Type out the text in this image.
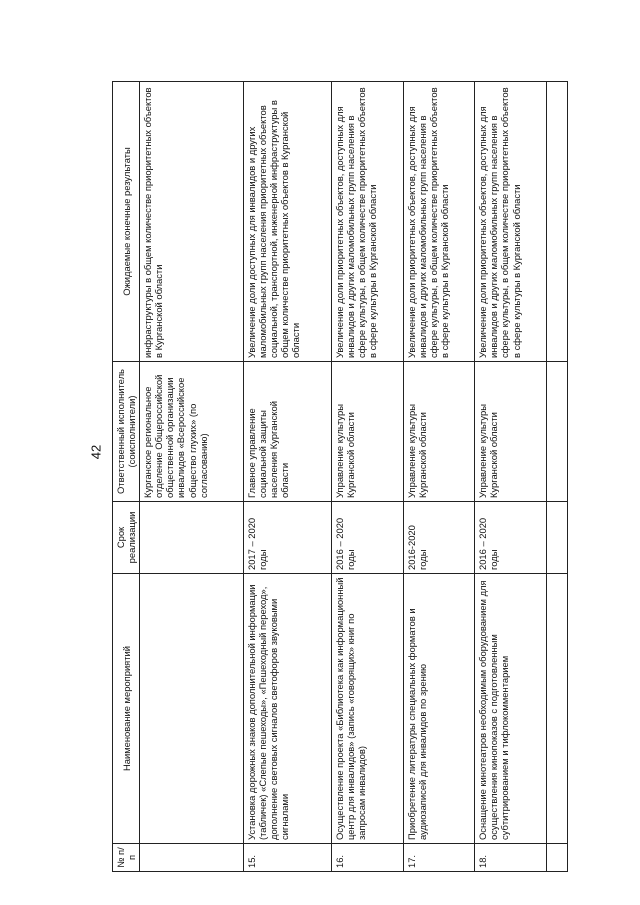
42
№ п/п	Наименование мероприятий	Срок реализации	Ответственный исполнитель (соисполнители)	Ожидаемые конечные результаты
			Курганское региональное отделение Общероссийской общественной организации инвалидов «Всероссийское общество глухих» (по согласованию)	инфраструктуры в общем количестве приоритетных объектов в Курганской области
15.	Установка дорожных знаков дополнительной информации (табличек) «Слепые пешеходы», «Пешеходный переход», дополнение световых сигналов светофоров звуковыми сигналами	2017 – 2020 годы	Главное управление социальной защиты населения Курганской области	Увеличение доли доступных для инвалидов и других маломобильных групп населения приоритетных объектов социальной, транспортной, инженерной инфраструктуры в общем количестве приоритетных объектов в Курганской области
16.	Осуществление проекта «Библиотека как информационный центр для инвалидов» (запись «говорящих» книг по запросам инвалидов)	2016 – 2020 годы	Управление культуры Курганской области	Увеличение доли приоритетных объектов, доступных для инвалидов и других маломобильных групп населения в сфере культуры, в общем количестве приоритетных объектов в сфере культуры в Курганской области
17.	Приобретение литературы специальных форматов и аудиозаписей для инвалидов по зрению	2016-2020 годы	Управление культуры Курганской области	Увеличение доли приоритетных объектов, доступных для инвалидов и других маломобильных групп населения в сфере культуры, в общем количестве приоритетных объектов в сфере культуры в Курганской области
18.	Оснащение кинотеатров необходимым оборудованием для осуществления кинопоказов с подготовленным субтитрированием и тифлокомментарием	2016 – 2020 годы	Управление культуры Курганской области	Увеличение доли приоритетных объектов, доступных для инвалидов и других маломобильных групп населения в сфере культуры, в общем количестве приоритетных объектов в сфере культуры в Курганской области
